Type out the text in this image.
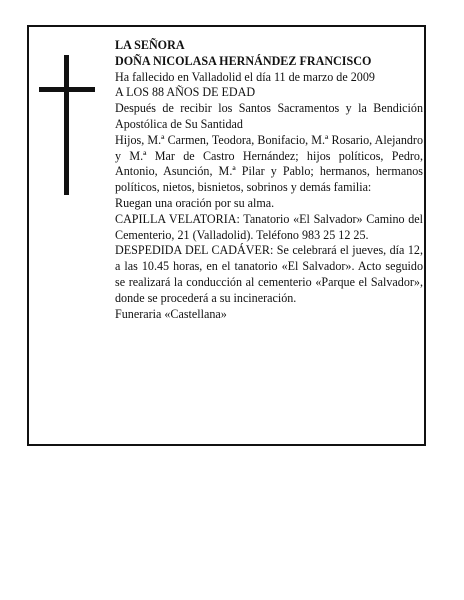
LA SEÑORA

DOÑA NICOLASA HERNÁNDEZ FRANCISCO

Ha fallecido en Valladolid el día 11 de marzo de 2009

A LOS 88 AÑOS DE EDAD

Después de recibir los Santos Sacramentos y la Bendición Apostólica de Su Santidad

Hijos, M.ª Carmen, Teodora, Bonifacio, M.ª Rosario, Alejandro y M.ª Mar de Castro Hernández; hijos políticos, Pedro, Antonio, Asunción, M.ª Pilar y Pablo; hermanos, hermanos políticos, nietos, bisnietos, sobrinos y demás familia:

Ruegan una oración por su alma.

CAPILLA VELATORIA: Tanatorio «El Salvador» Camino del Cementerio, 21 (Valladolid). Teléfono 983 25 12 25.

DESPEDIDA DEL CADÁVER: Se celebrará el jueves, día 12, a las 10.45 horas, en el tanatorio «El Salvador». Acto seguido se realizará la conducción al cementerio «Parque el Salvador», donde se procederá a su incineración.

Funeraria «Castellana»
